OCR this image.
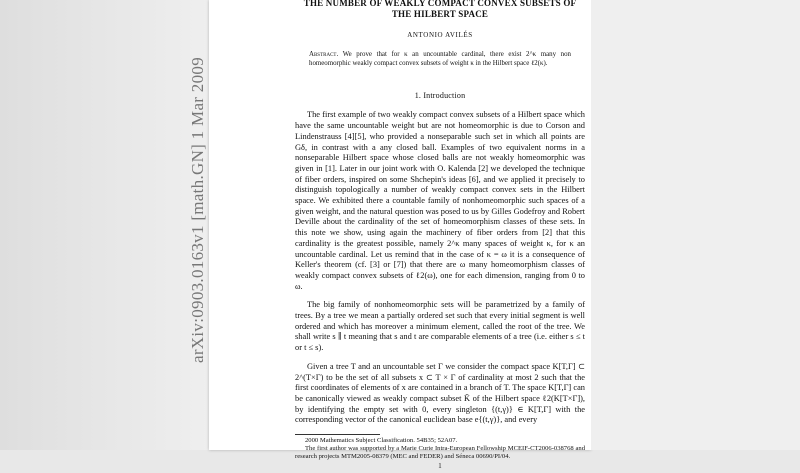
arXiv:0903.0163v1 [math.GN] 1 Mar 2009
THE NUMBER OF WEAKLY COMPACT CONVEX SUBSETS OF
THE HILBERT SPACE
ANTONIO AVILÉS
Abstract. We prove that for κ an uncountable cardinal, there exist 2^κ many non homeomorphic weakly compact convex subsets of weight κ in the Hilbert space ℓ2(κ).
1. Introduction

The first example of two weakly compact convex subsets of a Hilbert space which have the same uncountable weight but are not homeomorphic is due to Corson and Lindenstrauss [4][5], who provided a nonseparable such set in which all points are Gδ, in contrast with a any closed ball. Examples of two equivalent norms in a nonseparable Hilbert space whose closed balls are not weakly homeomorphic was given in [1]. Later in our joint work with O. Kalenda [2] we developed the technique of fiber orders, inspired on some Shchepin's ideas [6], and we applied it precisely to distinguish topologically a number of weakly compact convex sets in the Hilbert space. We exhibited there a countable family of nonhomeomorphic such spaces of a given weight, and the natural question was posed to us by Gilles Godefroy and Robert Deville about the cardinality of the set of homeomorphism classes of these sets. In this note we show, using again the machinery of fiber orders from [2] that this cardinality is the greatest possible, namely 2^κ many spaces of weight κ, for κ an uncountable cardinal. Let us remind that in the case of κ = ω it is a consequence of Keller's theorem (cf. [3] or [7]) that there are ω many homeomorphism classes of weakly compact convex subsets of ℓ2(ω), one for each dimension, ranging from 0 to ω.

The big family of nonhomeomorphic sets will be parametrized by a family of trees. By a tree we mean a partially ordered set such that every initial segment is well ordered and which has moreover a minimum element, called the root of the tree. We shall write s ∥ t meaning that s and t are comparable elements of a tree (i.e. either s ≤ t or t ≤ s).

Given a tree T and an uncountable set Γ we consider the compact space K[T,Γ] ⊂ 2^(T×Γ) to be the set of all subsets x ⊂ T × Γ of cardinality at most 2 such that the first coordinates of elements of x are contained in a branch of T. The space K[T,Γ] can be canonically viewed as weakly compact subset K̃ of the Hilbert space ℓ2(K[T×Γ]), by identifying the empty set with 0, every singleton {(t,γ)} ∈ K[T,Γ] with the corresponding vector of the canonical euclidean base e{(t,γ)}, and every

2000 Mathematics Subject Classification. 54B35; 52A07.

The first author was supported by a Marie Curie Intra-European Fellowship MCEIF-CT2006-038768 and research projects MTM2005-08379 (MEC and FEDER) and Séneca 00690/PI/04.

1
